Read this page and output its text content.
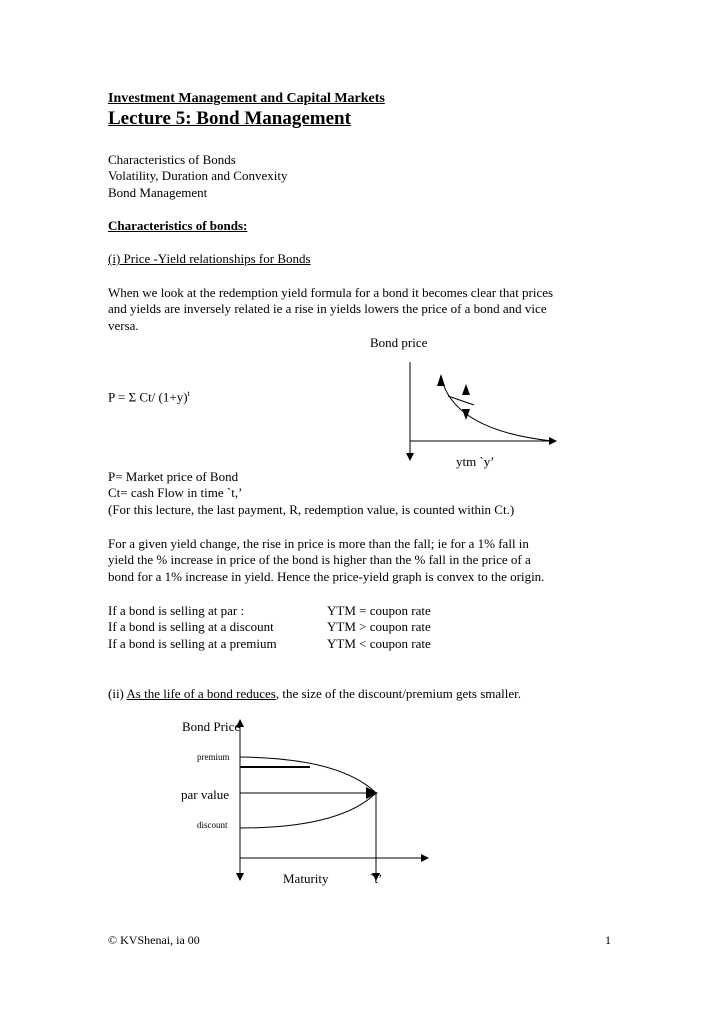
Investment Management and Capital Markets
Lecture 5: Bond Management
Characteristics of Bonds
Volatility, Duration and Convexity
Bond Management
Characteristics of bonds:
(i) Price -Yield relationships for Bonds
When we look at the redemption yield formula for a bond it becomes clear that prices
and yields are inversely related ie a rise in yields lowers the price of a bond and vice
versa.
Bond price
ytm `y’
P = Σ Ct/ $(1+y)^t$
P= Market price of Bond
Ct= cash Flow in time `t,’
(For this lecture, the last payment, R, redemption value, is counted within Ct.)
For a given yield change, the rise in price is more than the fall; ie for a 1% fall in
yield the % increase in price of the bond is higher than the % fall in the price of a
bond for a 1% increase in yield. Hence the price-yield graph is convex to the origin.
If a bond is selling at par :	YTM = coupon rate
If a bond is selling at a discount	YTM > coupon rate
If a bond is selling at a premium	YTM < coupon rate
(ii) As the life of a bond reduces, the size of the discount/premium gets smaller.
Bond Price
premium
par value
discount
Maturity	`t’
© KVShenai, ia 00	1
